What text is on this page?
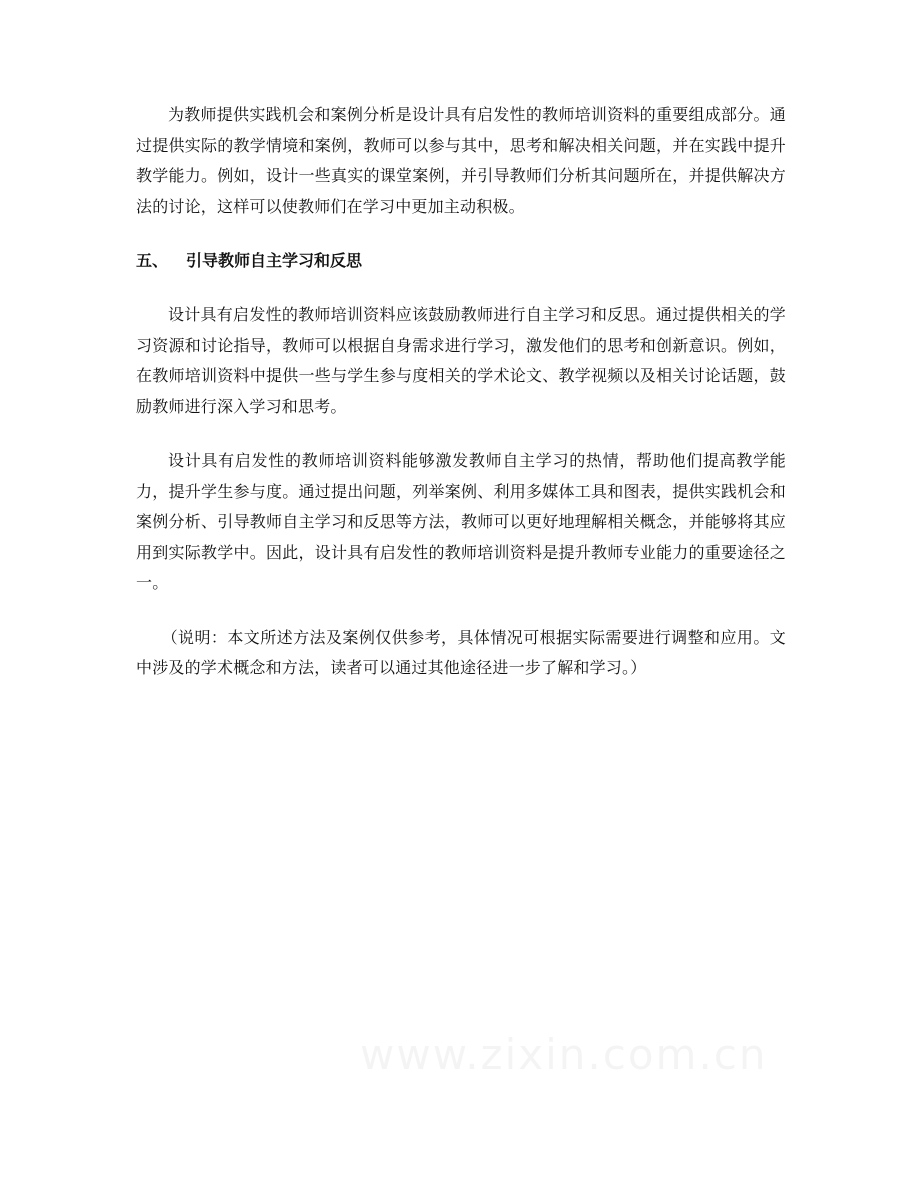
为教师提供实践机会和案例分析是设计具有启发性的教师培训资料的重要组成部分。通过提供实际的教学情境和案例，教师可以参与其中，思考和解决相关问题，并在实践中提升教学能力。例如，设计一些真实的课堂案例，并引导教师们分析其问题所在，并提供解决方法的讨论，这样可以使教师们在学习中更加主动积极。

五、	引导教师自主学习和反思

设计具有启发性的教师培训资料应该鼓励教师进行自主学习和反思。通过提供相关的学习资源和讨论指导，教师可以根据自身需求进行学习，激发他们的思考和创新意识。例如，在教师培训资料中提供一些与学生参与度相关的学术论文、教学视频以及相关讨论话题，鼓励教师进行深入学习和思考。

设计具有启发性的教师培训资料能够激发教师自主学习的热情，帮助他们提高教学能力，提升学生参与度。通过提出问题，列举案例、利用多媒体工具和图表，提供实践机会和案例分析、引导教师自主学习和反思等方法，教师可以更好地理解相关概念，并能够将其应用到实际教学中。因此，设计具有启发性的教师培训资料是提升教师专业能力的重要途径之一。

（说明：本文所述方法及案例仅供参考，具体情况可根据实际需要进行调整和应用。文中涉及的学术概念和方法，读者可以通过其他途径进一步了解和学习。）
